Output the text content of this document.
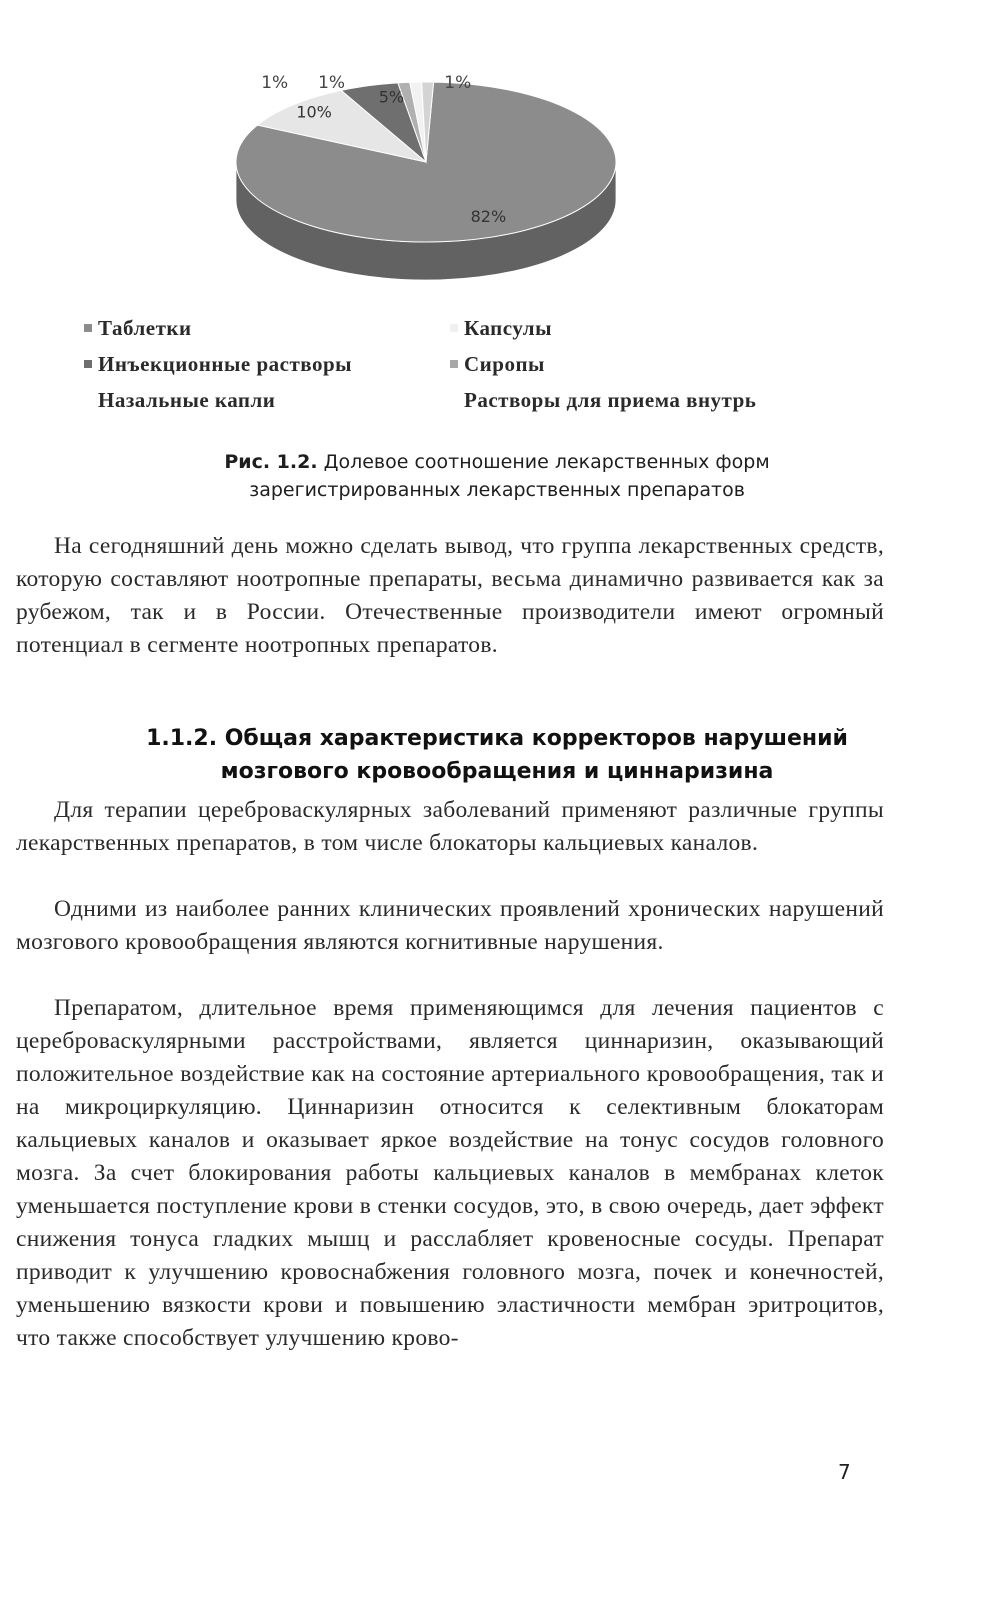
82%
10%
5%
1%
1%	1%
Таблетки	Капсулы
Инъекционные растворы	Сиропы
Назальные капли	Растворы для приема внутрь
Рис. 1.2. Долевое соотношение лекарственных форм
зарегистрированных лекарственных препаратов
На сегодняшний день можно сделать вывод, что группа лекарственных средств, которую составляют ноотропные препараты, весьма динамично развивается как за рубежом, так и в России. Отечественные производители имеют огромный потенциал в сегменте ноотропных препаратов.
1.1.2. Общая характеристика корректоров нарушений
мозгового кровообращения и циннаризина
Для терапии цереброваскулярных заболеваний применяют различные группы лекарственных препаратов, в том числе блокаторы кальциевых каналов.
Одними из наиболее ранних клинических проявлений хронических нарушений мозгового кровообращения являются когнитивные нарушения.
Препаратом, длительное время применяющимся для лечения пациентов с цереброваскулярными расстройствами, является циннаризин, оказывающий положительное воздействие как на состояние артериального кровообращения, так и на микроциркуляцию. Циннаризин относится к селективным блокаторам кальциевых каналов и оказывает яркое воздействие на тонус сосудов головного мозга. За счет блокирования работы кальциевых каналов в мембранах клеток уменьшается поступление крови в стенки сосудов, это, в свою очередь, дает эффект снижения тонуса гладких мышц и расслабляет кровеносные сосуды. Препарат приводит к улучшению кровоснабжения головного мозга, почек и конечностей, уменьшению вязкости крови и повышению эластичности мембран эритроцитов, что также способствует улучшению крово-
7
